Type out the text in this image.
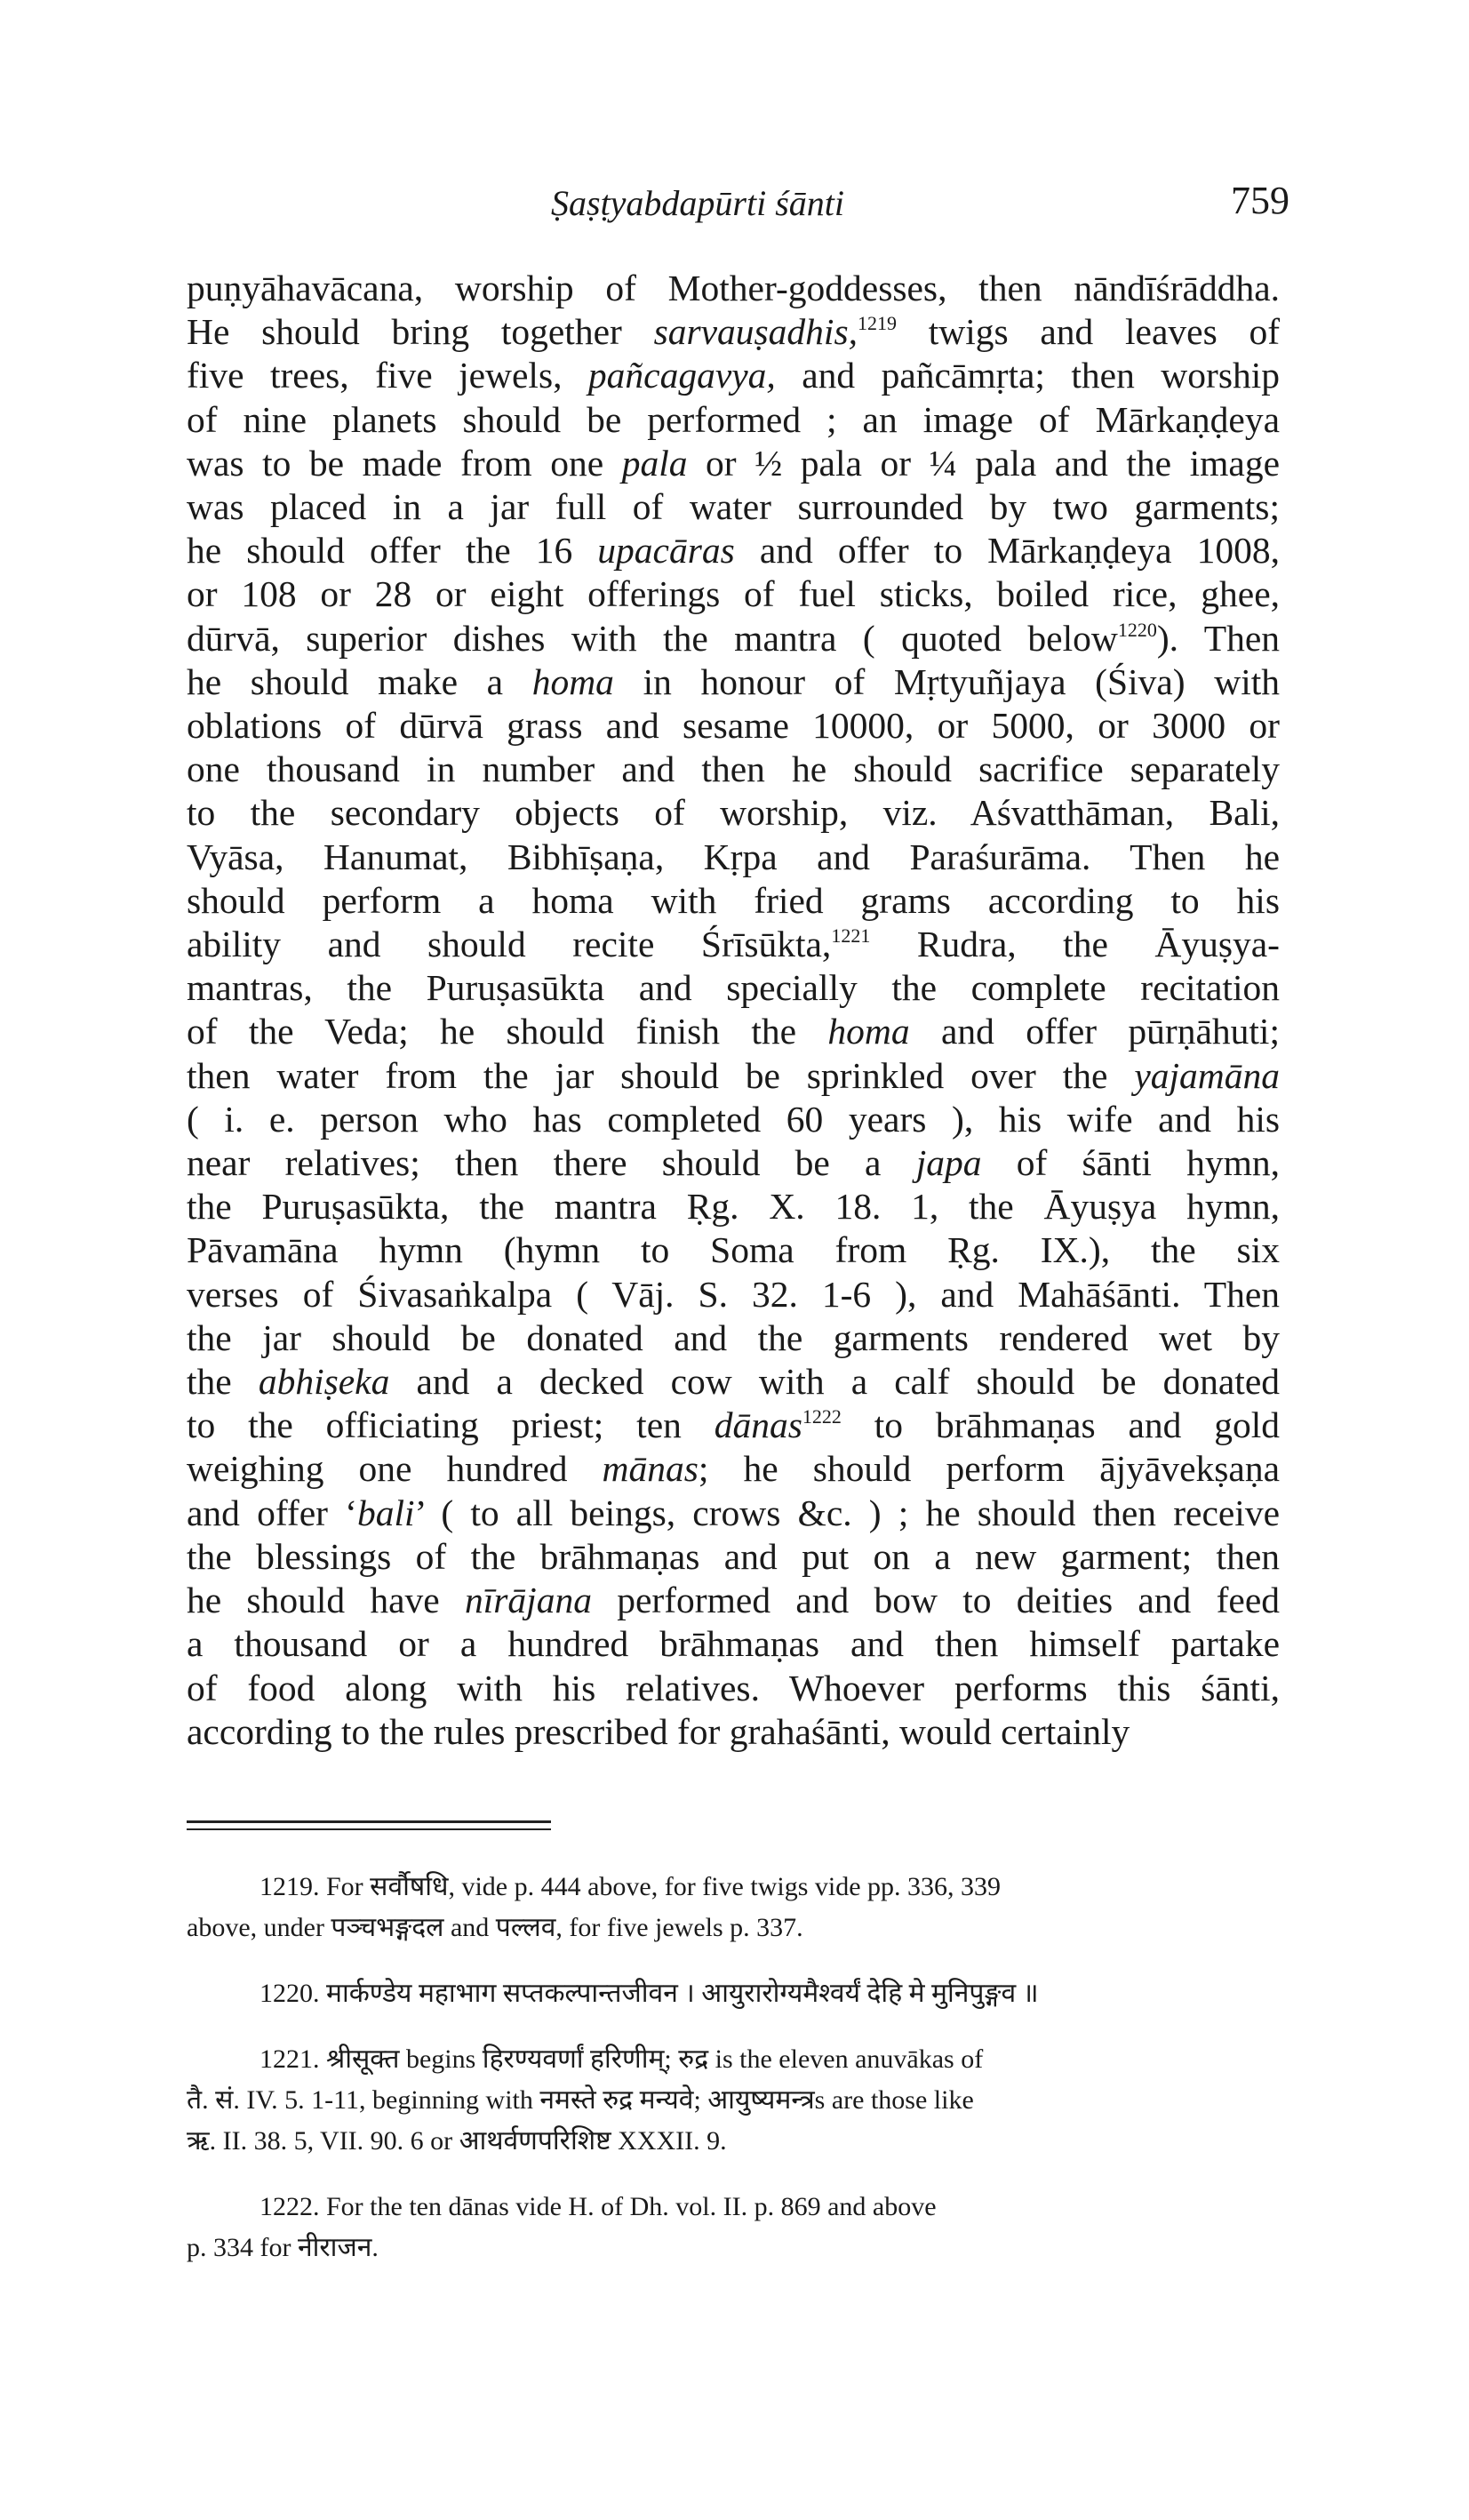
Ṣaṣṭyabdapūrti śānti	759
puṇyāhavācana, worship of Mother-goddesses, then nāndīśrāddha.
He should bring together sarvauṣadhis,$^{1219}$ twigs and leaves of
five trees, five jewels, pañcagavya, and pañcāmṛta; then worship
of nine planets should be performed ; an image of Mārkaṇḍeya
was to be made from one pala or ½ pala or ¼ pala and the image
was placed in a jar full of water surrounded by two garments;
he should offer the 16 upacāras and offer to Mārkaṇḍeya 1008,
or 108 or 28 or eight offerings of fuel sticks, boiled rice, ghee,
dūrvā, superior dishes with the mantra ( quoted below$^{1220}$). Then
he should make a homa in honour of Mṛtyuñjaya (Śiva) with
oblations of dūrvā grass and sesame 10000, or 5000, or 3000 or
one thousand in number and then he should sacrifice separately
to the secondary objects of worship, viz. Aśvatthāman, Bali,
Vyāsa, Hanumat, Bibhīṣaṇa, Kṛpa and Paraśurāma. Then he
should perform a homa with fried grams according to his
ability and should recite Śrīsūkta,$^{1221}$ Rudra, the Āyuṣya-
mantras, the Puruṣasūkta and specially the complete recitation
of the Veda; he should finish the homa and offer pūrṇāhuti;
then water from the jar should be sprinkled over the yajamāna
( i. e. person who has completed 60 years ), his wife and his
near relatives; then there should be a japa of śānti hymn,
the Puruṣasūkta, the mantra Ṛg. X. 18. 1, the Āyuṣya hymn,
Pāvamāna hymn (hymn to Soma from Ṛg. IX.), the six
verses of Śivasaṅkalpa ( Vāj. S. 32. 1-6 ), and Mahāśānti. Then
the jar should be donated and the garments rendered wet by
the abhiṣeka and a decked cow with a calf should be donated
to the officiating priest; ten dānas$^{1222}$ to brāhmaṇas and gold
weighing one hundred mānas; he should perform ājyāvekṣaṇa
and offer ‘bali’ ( to all beings, crows &c. ) ; he should then receive
the blessings of the brāhmaṇas and put on a new garment; then
he should have nīrājana performed and bow to deities and feed
a thousand or a hundred brāhmaṇas and then himself partake
of food along with his relatives. Whoever performs this śānti,
according to the rules prescribed for grahaśānti, would certainly
1219. For सर्वौषधि, vide p. 444 above, for five twigs vide pp. 336, 339
above, under पञ्चभङ्गदल and पल्लव, for five jewels p. 337.
1220. मार्कण्डेय महाभाग सप्तकल्पान्तजीवन । आयुरारोग्यमैश्वर्यं देहि मे मुनिपुङ्गव ॥
1221. श्रीसूक्त begins हिरण्यवर्णां हरिणीम्; रुद्र is the eleven anuvākas of
तै. सं. IV. 5. 1-11, beginning with नमस्ते रुद्र मन्यवे; आयुष्यमन्त्रs are those like
ऋ. II. 38. 5, VII. 90. 6 or आथर्वणपरिशिष्ट XXXII. 9.
1222. For the ten dānas vide H. of Dh. vol. II. p. 869 and above
p. 334 for नीराजन.
